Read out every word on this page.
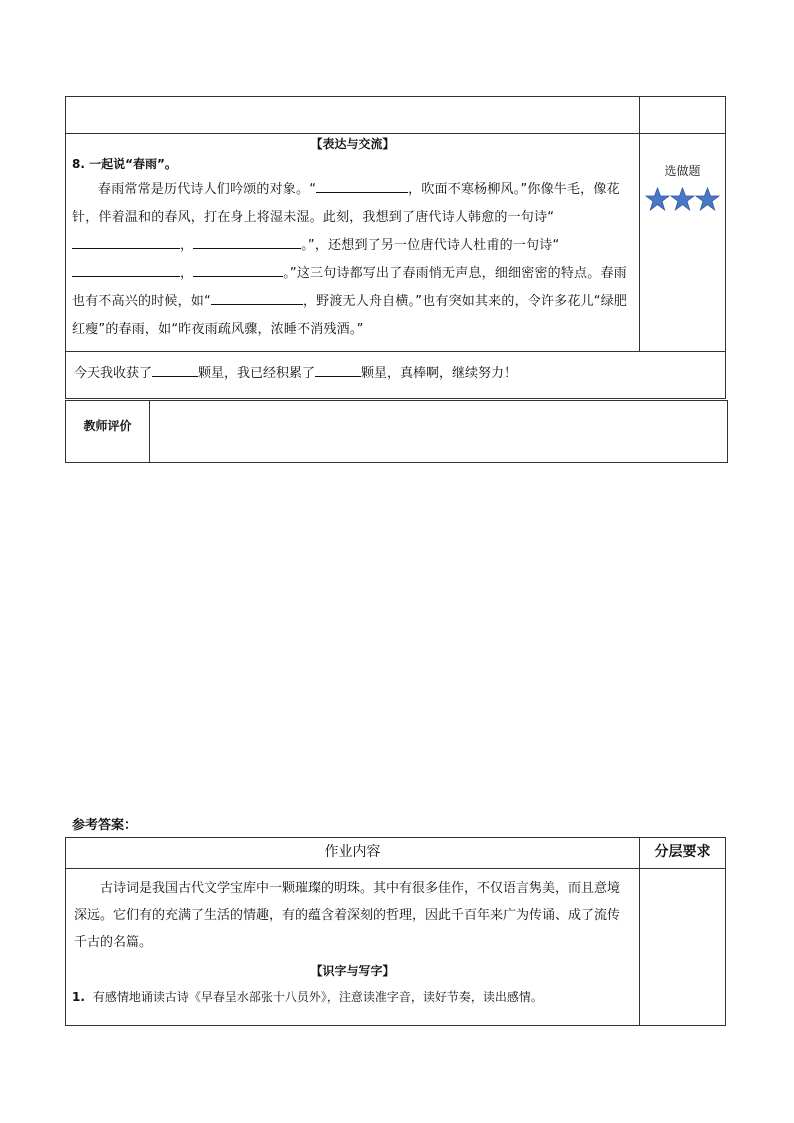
【表达与交流】
8. 一起说“春雨”。
春雨常常是历代诗人们吟颂的对象。“ ，吹面不寒杨柳风。”你像牛毛，像花针，伴着温和的春风，打在身上将湿未湿。此刻，我想到了唐代诗人韩愈的一句诗“， 。”，还想到了另一位唐代诗人杜甫的一句诗“， 。”这三句诗都写出了春雨悄无声息，细细密密的特点。春雨也有不高兴的时候，如“ ，野渡无人舟自横。”也有突如其来的，令许多花儿“绿肥红瘦”的春雨，如“昨夜雨疏风骤，浓睡不消残酒。”	选做题

今天我收获了 颗星，我已经积累了 颗星，真棒啊，继续努力！	
教师评价

参考答案：
作业内容	分层要求

古诗词是我国古代文学宝库中一颗璀璨的明珠。其中有很多佳作，不仅语言隽美，而且意境深远。它们有的充满了生活的情趣，有的蕴含着深刻的哲理，因此千百年来广为传诵、成了流传千古的名篇。
【识字与写字】
1. 有感情地诵读古诗《早春呈水部张十八员外》，注意读准字音，读好节奏，读出感情。	
